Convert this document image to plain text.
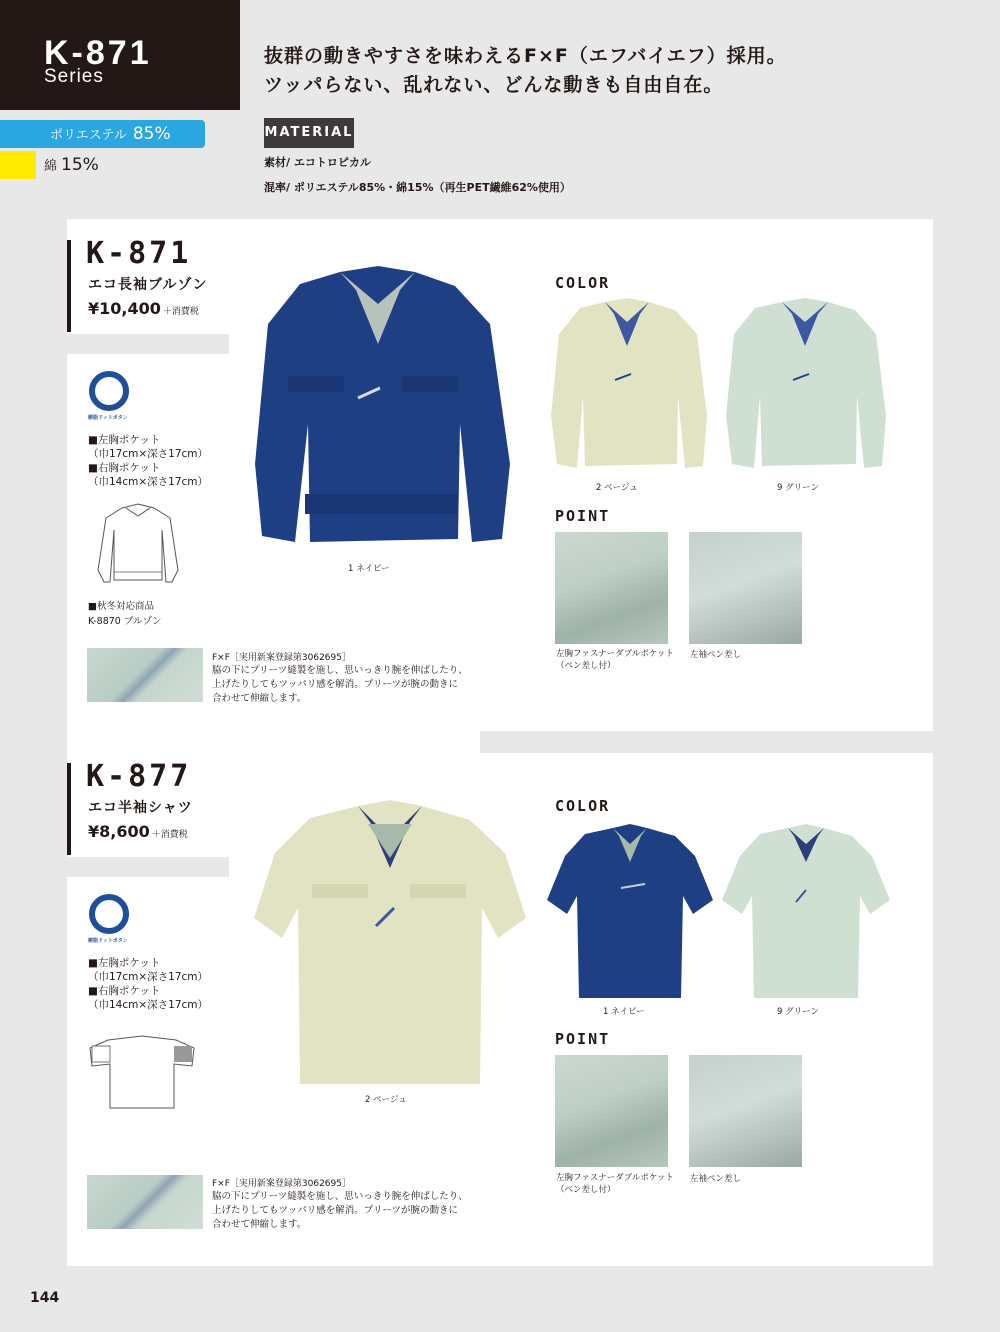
K-871
Series
抜群の動きやすさを味わえるF×F（エフバイエフ）採用。
ツッパらない、乱れない、どんな動きも自由自在。
ポリエステル 85%
綿 15%
MATERIAL
素材/ エコトロピカル
混率/ ポリエステル85%・綿15%（再生PET繊維62%使用）
K-871
エコ長袖ブルゾン
¥10,400 ＋消費税
樹脂ドットボタン
■左胸ポケット
（巾17cm×深さ17cm）
■右胸ポケット
（巾14cm×深さ17cm）
■秋冬対応商品
K-8870 ブルゾン
1 ネイビー
COLOR
2 ベージュ	9 グリーン
POINT
左胸ファスナーダブルポケット
（ペン差し付）
左袖ペン差し
F×F［実用新案登録第3062695］
脇の下にプリーツ縫製を施し、思いっきり腕を伸ばしたり、
上げたりしてもツッパリ感を解消。プリーツが腕の動きに
合わせて伸縮します。
K-877
エコ半袖シャツ
¥8,600 ＋消費税
樹脂ドットボタン
■左胸ポケット
（巾17cm×深さ17cm）
■右胸ポケット
（巾14cm×深さ17cm）
2 ベージュ
COLOR
1 ネイビー	9 グリーン
POINT
左胸ファスナーダブルポケット
（ペン差し付）
左袖ペン差し
F×F［実用新案登録第3062695］
脇の下にプリーツ縫製を施し、思いっきり腕を伸ばしたり、
上げたりしてもツッパリ感を解消。プリーツが腕の動きに
合わせて伸縮します。
144
